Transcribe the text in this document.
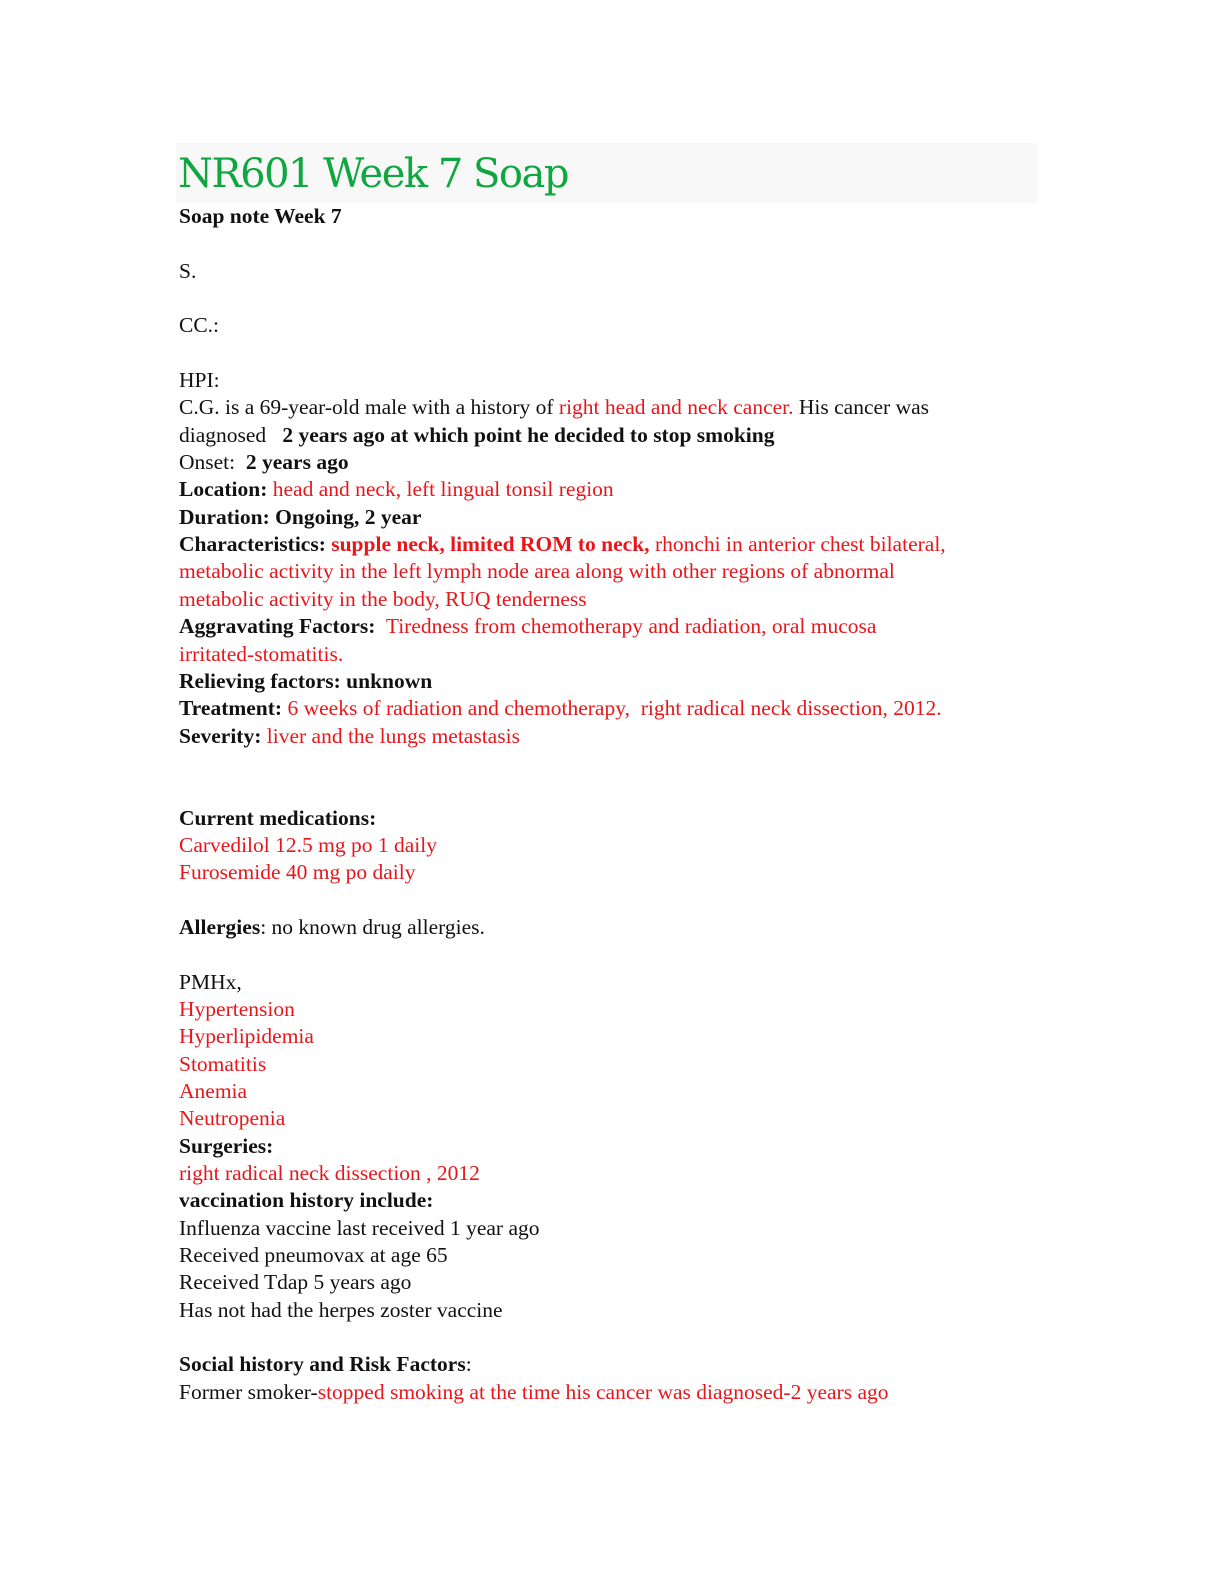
NR601 Week 7 Soap
Soap note Week 7
S.
CC.:
HPI:
C.G. is a 69-year-old male with a history of right head and neck cancer. His cancer was
diagnosed   2 years ago at which point he decided to stop smoking
Onset:  2 years ago
Location: head and neck, left lingual tonsil region
Duration: Ongoing, 2 year
Characteristics: supple neck, limited ROM to neck, rhonchi in anterior chest bilateral,
metabolic activity in the left lymph node area along with other regions of abnormal
metabolic activity in the body, RUQ tenderness
Aggravating Factors:  Tiredness from chemotherapy and radiation, oral mucosa
irritated-stomatitis.
Relieving factors: unknown
Treatment: 6 weeks of radiation and chemotherapy,  right radical neck dissection, 2012.
Severity: liver and the lungs metastasis
Current medications:
Carvedilol 12.5 mg po 1 daily
Furosemide 40 mg po daily
Allergies: no known drug allergies.
PMHx,
Hypertension
Hyperlipidemia
Stomatitis
Anemia
Neutropenia
Surgeries:
right radical neck dissection , 2012
vaccination history include:
Influenza vaccine last received 1 year ago
Received pneumovax at age 65
Received Tdap 5 years ago
Has not had the herpes zoster vaccine
Social history and Risk Factors:
Former smoker-stopped smoking at the time his cancer was diagnosed-2 years ago
